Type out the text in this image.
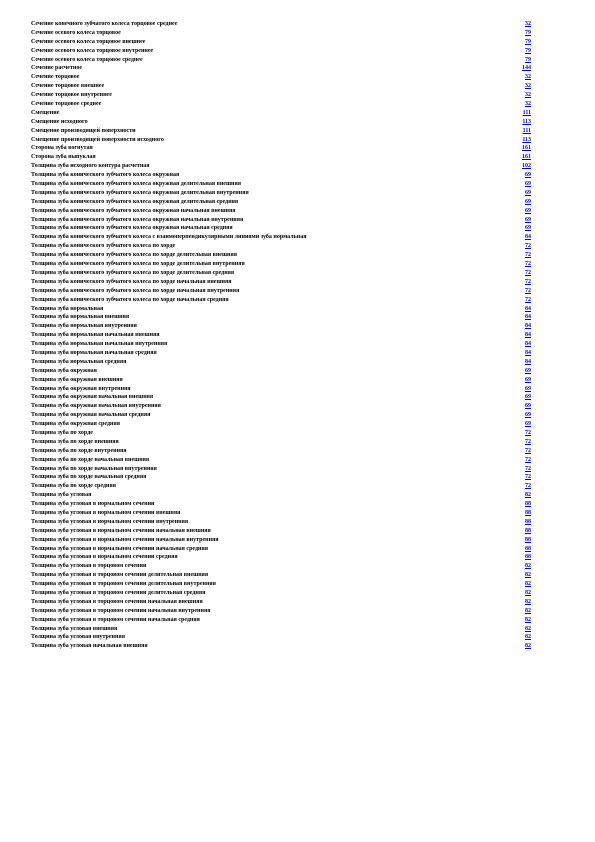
Сечение конечного зубчатого колеса торцовое среднее	32
Сечение осевого колеса торцовое	79
Сечение осевого колеса торцовое внешнее	79
Сечение осевого колеса торцовое внутреннее	79
Сечение осевого колеса торцовое среднее	79
Сечение расчетное	144
Сечение торцовое	32
Сечение торцовое внешнее	32
Сечение торцовое внутреннее	32
Сечение торцовое среднее	32
Смещение	111
Смещение исходного	113
Смещение производящей поверхности	111
Смещение производящей поверхности исходного	113
Сторона зуба вогнутая	161
Сторона зуба выпуклая	161
Толщина зуба исходного контура расчетная	102
Толщина зуба конического зубчатого колеса окружная	69
Толщина зуба конического зубчатого колеса окружная делительная внешняя	69
Толщина зуба конического зубчатого колеса окружная делительная внутренняя	69
Толщина зуба конического зубчатого колеса окружная делительная средняя	69
Толщина зуба конического зубчатого колеса окружная начальная внешняя	69
Толщина зуба конического зубчатого колеса окружная начальная внутренняя	69
Толщина зуба конического зубчатого колеса окружная начальная средняя	69
Толщина зуба конического зубчатого колеса с взаимоперпендикулярными линиями зуба нормальная	84
Толщина зуба конического зубчатого колеса по хорде	72
Толщина зуба конического зубчатого колеса по хорде делительная внешняя	72
Толщина зуба конического зубчатого колеса по хорде делительная внутренняя	72
Толщина зуба конического зубчатого колеса по хорде делительная средняя	72
Толщина зуба конического зубчатого колеса по хорде начальная внешняя	72
Толщина зуба конического зубчатого колеса по хорде начальная внутренняя	72
Толщина зуба конического зубчатого колеса по хорде начальная средняя	72
Толщина зуба нормальная	84
Толщина зуба нормальная внешняя	84
Толщина зуба нормальная внутренняя	84
Толщина зуба нормальная начальная внешняя	84
Толщина зуба нормальная начальная внутренняя	84
Толщина зуба нормальная начальная средняя	84
Толщина зуба нормальная средняя	84
Толщина зуба окружная	69
Толщина зуба окружная внешняя	69
Толщина зуба окружная внутренняя	69
Толщина зуба окружная начальная внешняя	69
Толщина зуба окружная начальная внутренняя	69
Толщина зуба окружная начальная средняя	69
Толщина зуба окружная средняя	69
Толщина зуба по хорде	72
Толщина зуба по хорде внешняя	72
Толщина зуба по хорде внутренняя	72
Толщина зуба по хорде начальная внешняя	72
Толщина зуба по хорде начальная внутренняя	72
Толщина зуба по хорде начальная средняя	72
Толщина зуба по хорде средняя	72
Толщина зуба угловая	82
Толщина зуба угловая в нормальном сечении	88
Толщина зуба угловая в нормальном сечении внешняя	88
Толщина зуба угловая в нормальном сечении внутренняя	88
Толщина зуба угловая в нормальном сечении начальная внешняя	88
Толщина зуба угловая в нормальном сечении начальная внутренняя	88
Толщина зуба угловая в нормальном сечении начальная средняя	88
Толщина зуба угловая в нормальном сечении средняя	88
Толщина зуба угловая в торцовом сечении	82
Толщина зуба угловая в торцовом сечении делительная внешняя	82
Толщина зуба угловая в торцовом сечении делительная внутренняя	82
Толщина зуба угловая в торцовом сечении делительная средняя	82
Толщина зуба угловая в торцовом сечении начальная внешняя	82
Толщина зуба угловая в торцовом сечении начальная внутренняя	82
Толщина зуба угловая в торцовом сечении начальная средняя	82
Толщина зуба угловая внешняя	82
Толщина зуба угловая внутренняя	82
Толщина зуба угловая начальная внешняя	82
